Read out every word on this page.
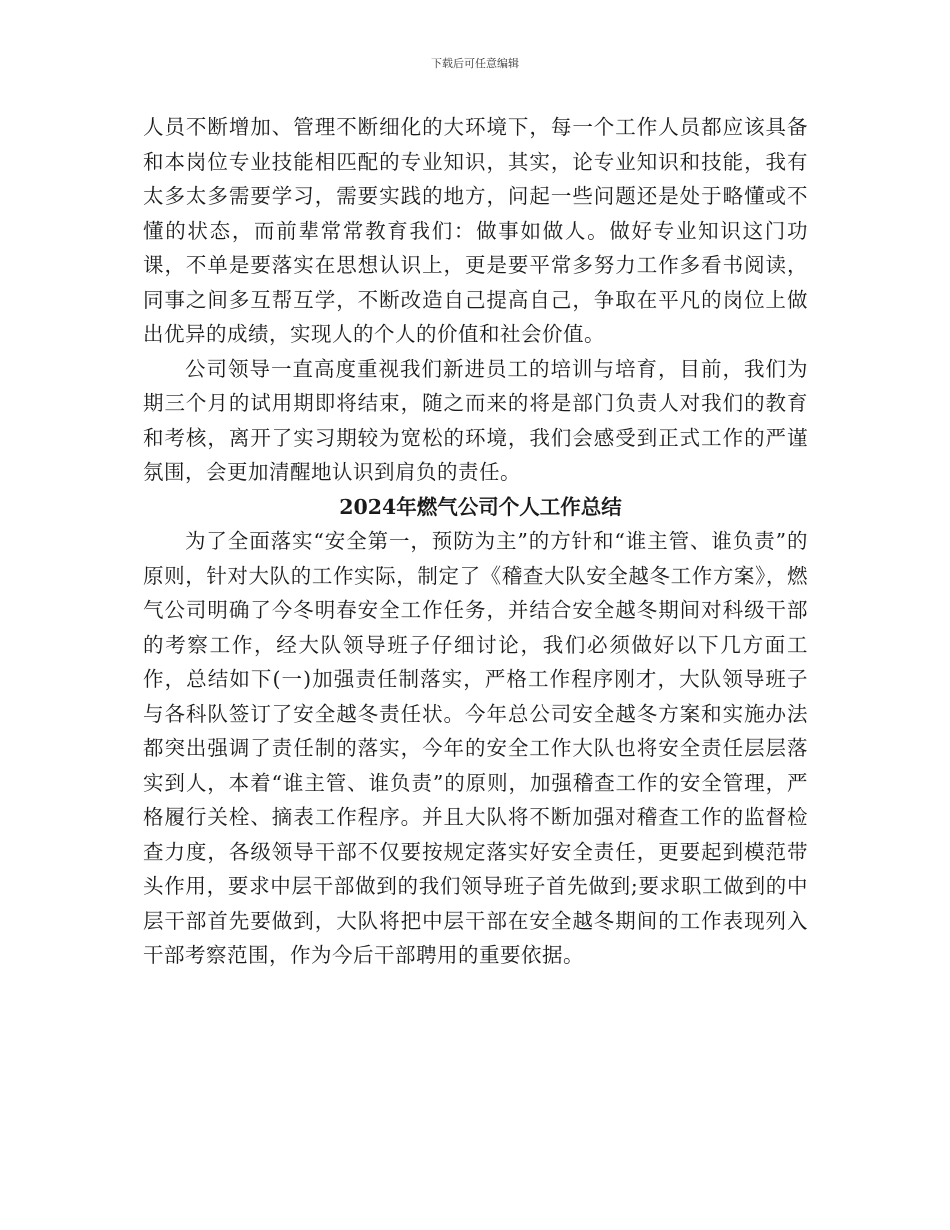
下载后可任意编辑

人员不断增加、管理不断细化的大环境下，每一个工作人员都应该具备和本岗位专业技能相匹配的专业知识，其实，论专业知识和技能，我有太多太多需要学习，需要实践的地方，问起一些问题还是处于略懂或不懂的状态，而前辈常常教育我们：做事如做人。做好专业知识这门功课，不单是要落实在思想认识上，更是要平常多努力工作多看书阅读，同事之间多互帮互学，不断改造自己提高自己，争取在平凡的岗位上做出优异的成绩，实现人的个人的价值和社会价值。

公司领导一直高度重视我们新进员工的培训与培育，目前，我们为期三个月的试用期即将结束，随之而来的将是部门负责人对我们的教育和考核，离开了实习期较为宽松的环境，我们会感受到正式工作的严谨氛围，会更加清醒地认识到肩负的责任。

2024年燃气公司个人工作总结

为了全面落实“安全第一，预防为主”的方针和“谁主管、谁负责”的原则，针对大队的工作实际，制定了《稽查大队安全越冬工作方案》，燃气公司明确了今冬明春安全工作任务，并结合安全越冬期间对科级干部的考察工作，经大队领导班子仔细讨论，我们必须做好以下几方面工作，总结如下(一)加强责任制落实，严格工作程序刚才，大队领导班子与各科队签订了安全越冬责任状。今年总公司安全越冬方案和实施办法都突出强调了责任制的落实，今年的安全工作大队也将安全责任层层落实到人，本着“谁主管、谁负责”的原则，加强稽查工作的安全管理，严格履行关栓、摘表工作程序。并且大队将不断加强对稽查工作的监督检查力度，各级领导干部不仅要按规定落实好安全责任，更要起到模范带头作用，要求中层干部做到的我们领导班子首先做到;要求职工做到的中层干部首先要做到，大队将把中层干部在安全越冬期间的工作表现列入干部考察范围，作为今后干部聘用的重要依据。
